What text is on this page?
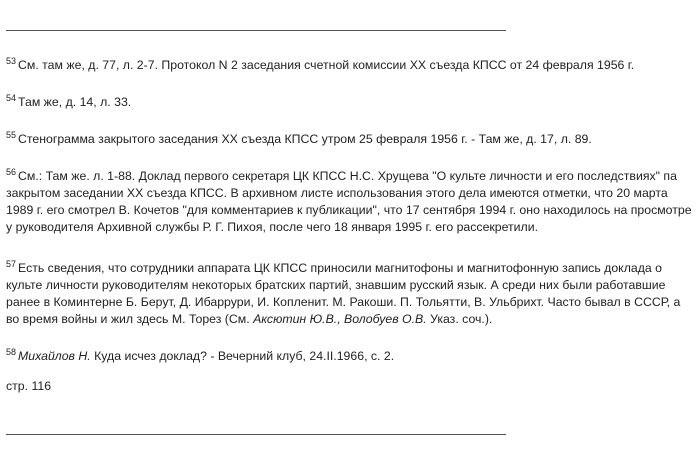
$^{53}$ См. там же, д. 77, л. 2-7. Протокол N 2 заседания счетной комиссии XX съезда КПСС от 24 февраля 1956 г.

$^{54}$ Там же, д. 14, л. 33.

$^{55}$ Стенограмма закрытого заседания XX съезда КПСС утром 25 февраля 1956 г. - Там же, д. 17, л. 89.

$^{56}$ См.: Там же. л. 1-88. Доклад первого секретаря ЦК КПСС Н.С. Хрущева "О культе личности и его последствиях" па
закрытом заседании XX съезда КПСС. В архивном листе использования этого дела имеются отметки, что 20 марта
1989 г. его смотрел В. Кочетов "для комментариев к публикации", что 17 сентября 1994 г. оно находилось на просмотре
у руководителя Архивной службы Р. Г. Пихоя, после чего 18 января 1995 г. его рассекретили.

$^{57}$ Есть сведения, что сотрудники аппарата ЦК КПСС приносили магнитофоны и магнитофонную запись доклада о
культе личности руководителям некоторых братских партий, знавшим русский язык. А среди них были работавшие
ранее в Коминтерне Б. Берут, Д. Ибаррури, И. Копленит. М. Ракоши. П. Тольятти, В. Ульбрихт. Часто бывал в СССР, а
во время войны и жил здесь М. Торез (См. Аксютин Ю.В., Волобуев О.В. Указ. соч.).

$^{58}$ Михайлов Н. Куда исчез доклад? - Вечерний клуб, 24.II.1966, с. 2.

стр. 116
